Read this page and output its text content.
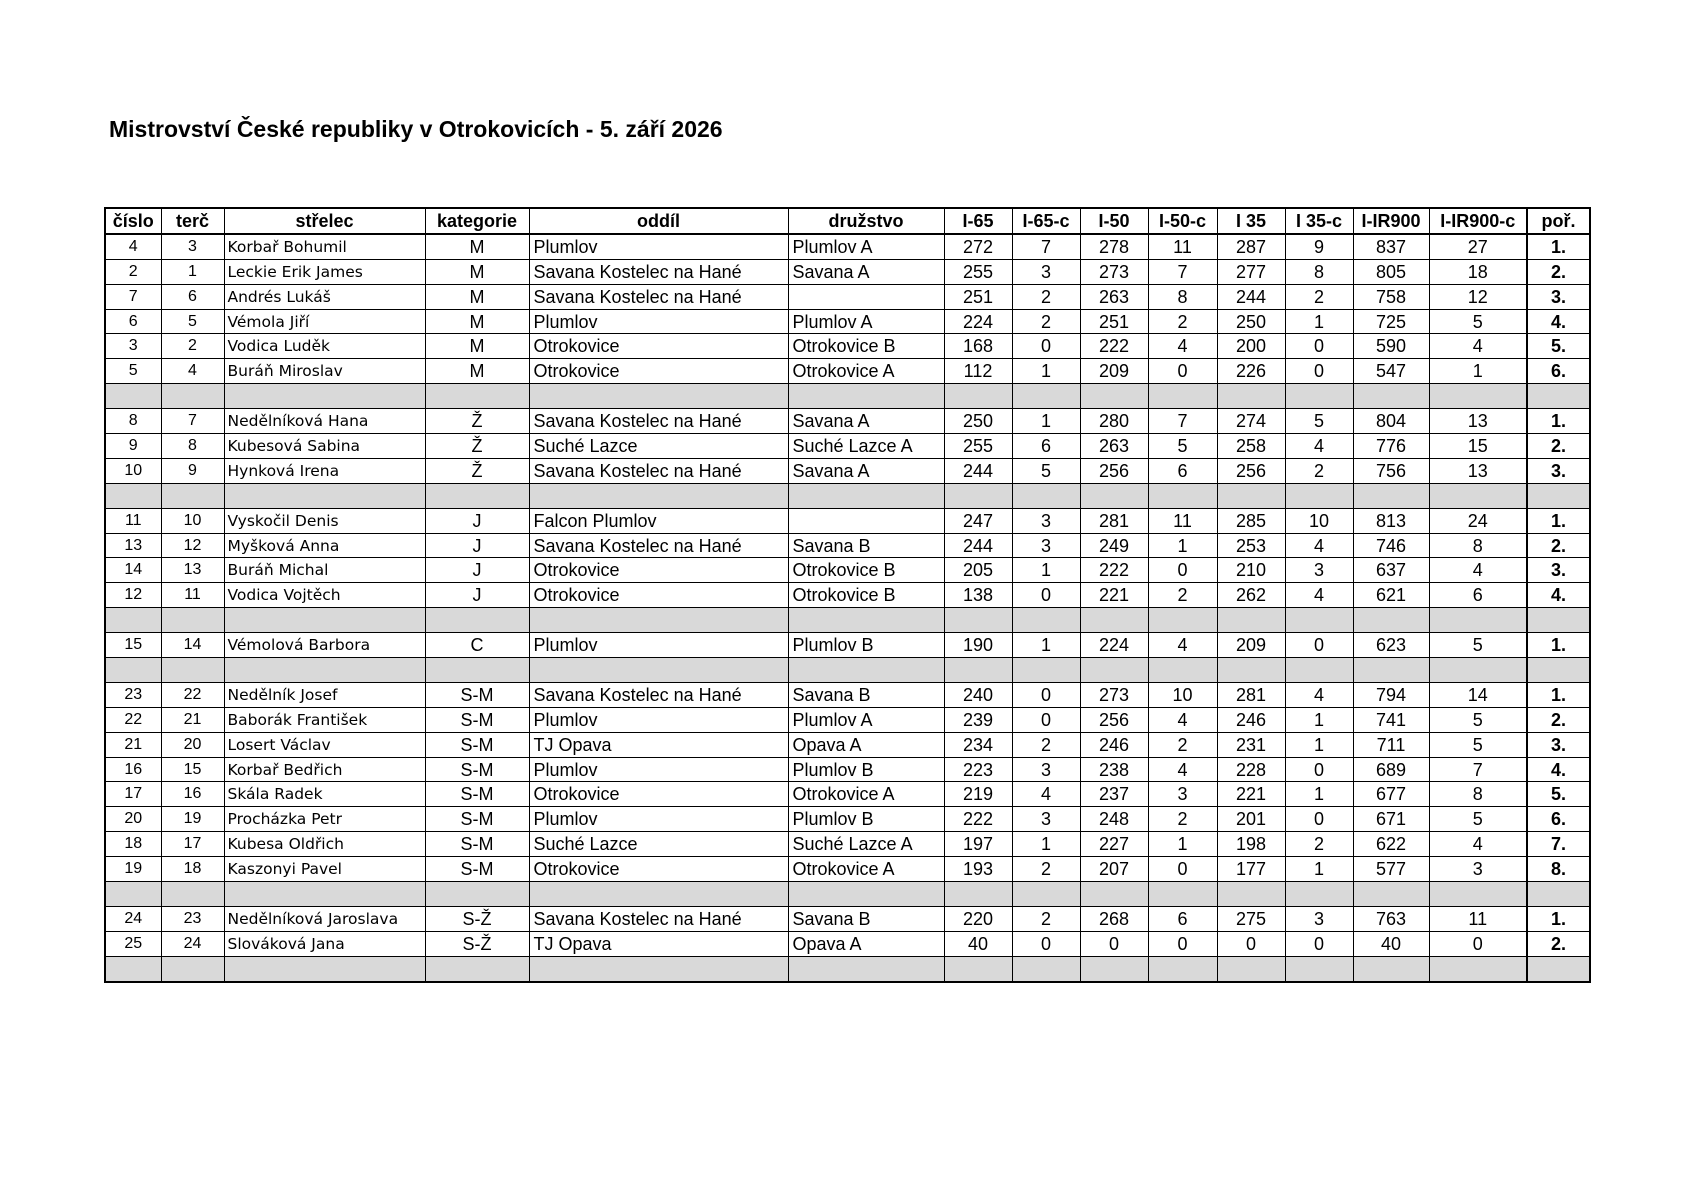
Mistrovství České republiky v Otrokovicích - 5. září 2026
číslo	terč	střelec	kategorie	oddíl	družstvo	I-65	I-65-c	I-50	I-50-c	I 35	I 35-c	I-IR900	I-IR900-c	poř.
4	3	Korbař Bohumil	M	Plumlov	Plumlov A	272	7	278	11	287	9	837	27	1.
2	1	Leckie Erik James	M	Savana Kostelec na Hané	Savana A	255	3	273	7	277	8	805	18	2.
7	6	Andrés Lukáš	M	Savana Kostelec na Hané		251	2	263	8	244	2	758	12	3.
6	5	Vémola Jiří	M	Plumlov	Plumlov A	224	2	251	2	250	1	725	5	4.
3	2	Vodica Luděk	M	Otrokovice	Otrokovice B	168	0	222	4	200	0	590	4	5.
5	4	Buráň Miroslav	M	Otrokovice	Otrokovice A	112	1	209	0	226	0	547	1	6.

8	7	Nedělníková Hana	Ž	Savana Kostelec na Hané	Savana A	250	1	280	7	274	5	804	13	1.
9	8	Kubesová Sabina	Ž	Suché Lazce	Suché Lazce A	255	6	263	5	258	4	776	15	2.
10	9	Hynková Irena	Ž	Savana Kostelec na Hané	Savana A	244	5	256	6	256	2	756	13	3.

11	10	Vyskočil Denis	J	Falcon Plumlov		247	3	281	11	285	10	813	24	1.
13	12	Myšková Anna	J	Savana Kostelec na Hané	Savana B	244	3	249	1	253	4	746	8	2.
14	13	Buráň Michal	J	Otrokovice	Otrokovice B	205	1	222	0	210	3	637	4	3.
12	11	Vodica Vojtěch	J	Otrokovice	Otrokovice B	138	0	221	2	262	4	621	6	4.

15	14	Vémolová Barbora	C	Plumlov	Plumlov B	190	1	224	4	209	0	623	5	1.

23	22	Nedělník Josef	S-M	Savana Kostelec na Hané	Savana B	240	0	273	10	281	4	794	14	1.
22	21	Baborák František	S-M	Plumlov	Plumlov A	239	0	256	4	246	1	741	5	2.
21	20	Losert Václav	S-M	TJ Opava	Opava A	234	2	246	2	231	1	711	5	3.
16	15	Korbař Bedřich	S-M	Plumlov	Plumlov B	223	3	238	4	228	0	689	7	4.
17	16	Skála Radek	S-M	Otrokovice	Otrokovice A	219	4	237	3	221	1	677	8	5.
20	19	Procházka Petr	S-M	Plumlov	Plumlov B	222	3	248	2	201	0	671	5	6.
18	17	Kubesa Oldřich	S-M	Suché Lazce	Suché Lazce A	197	1	227	1	198	2	622	4	7.
19	18	Kaszonyi Pavel	S-M	Otrokovice	Otrokovice A	193	2	207	0	177	1	577	3	8.

24	23	Nedělníková Jaroslava	S-Ž	Savana Kostelec na Hané	Savana B	220	2	268	6	275	3	763	11	1.
25	24	Slováková Jana	S-Ž	TJ Opava	Opava A	40	0	0	0	0	0	40	0	2.
